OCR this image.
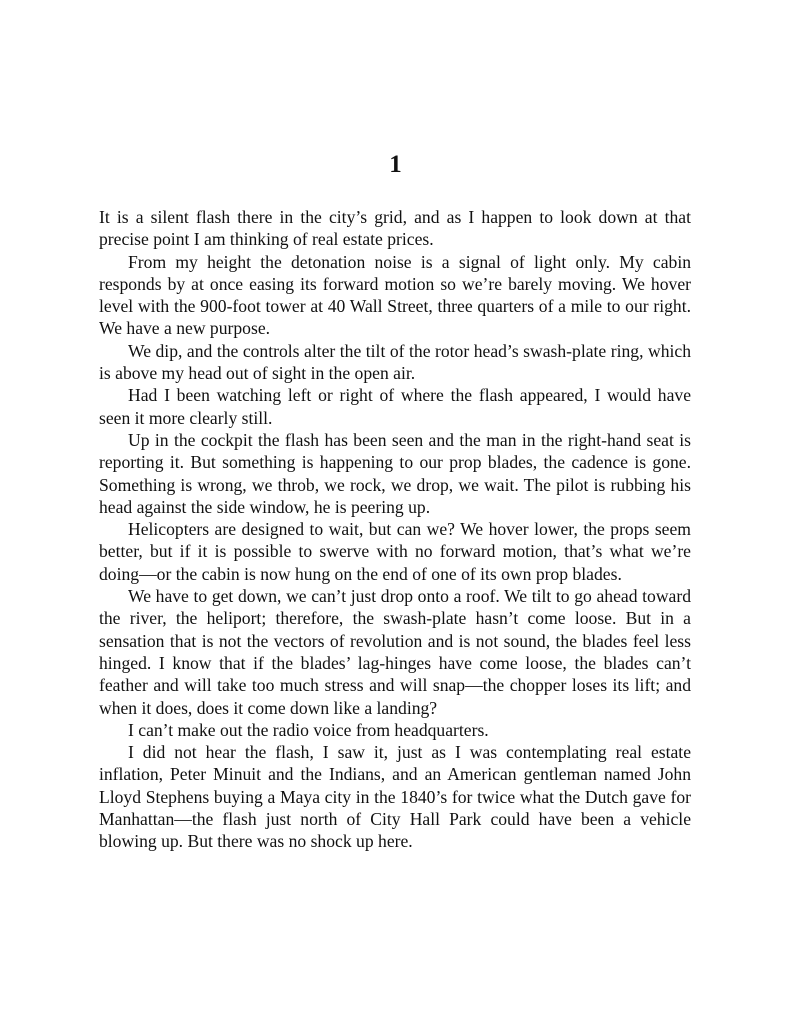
1

It is a silent flash there in the city’s grid, and as I happen to look down at that precise point I am thinking of real estate prices.

From my height the detonation noise is a signal of light only. My cabin responds by at once easing its forward motion so we’re barely moving. We hover level with the 900-foot tower at 40 Wall Street, three quarters of a mile to our right. We have a new purpose.

We dip, and the controls alter the tilt of the rotor head’s swash-plate ring, which is above my head out of sight in the open air.

Had I been watching left or right of where the flash appeared, I would have seen it more clearly still.

Up in the cockpit the flash has been seen and the man in the right-hand seat is reporting it. But something is happening to our prop blades, the cadence is gone. Something is wrong, we throb, we rock, we drop, we wait. The pilot is rubbing his head against the side window, he is peering up.

Helicopters are designed to wait, but can we? We hover lower, the props seem better, but if it is possible to swerve with no forward motion, that’s what we’re doing—or the cabin is now hung on the end of one of its own prop blades.

We have to get down, we can’t just drop onto a roof. We tilt to go ahead toward the river, the heliport; therefore, the swash-plate hasn’t come loose. But in a sensation that is not the vectors of revolution and is not sound, the blades feel less hinged. I know that if the blades’ lag-hinges have come loose, the blades can’t feather and will take too much stress and will snap—the chopper loses its lift; and when it does, does it come down like a landing?

I can’t make out the radio voice from headquarters.

I did not hear the flash, I saw it, just as I was contemplating real estate inflation, Peter Minuit and the Indians, and an American gentleman named John Lloyd Stephens buying a Maya city in the 1840’s for twice what the Dutch gave for Manhattan—the flash just north of City Hall Park could have been a vehicle blowing up. But there was no shock up here.
